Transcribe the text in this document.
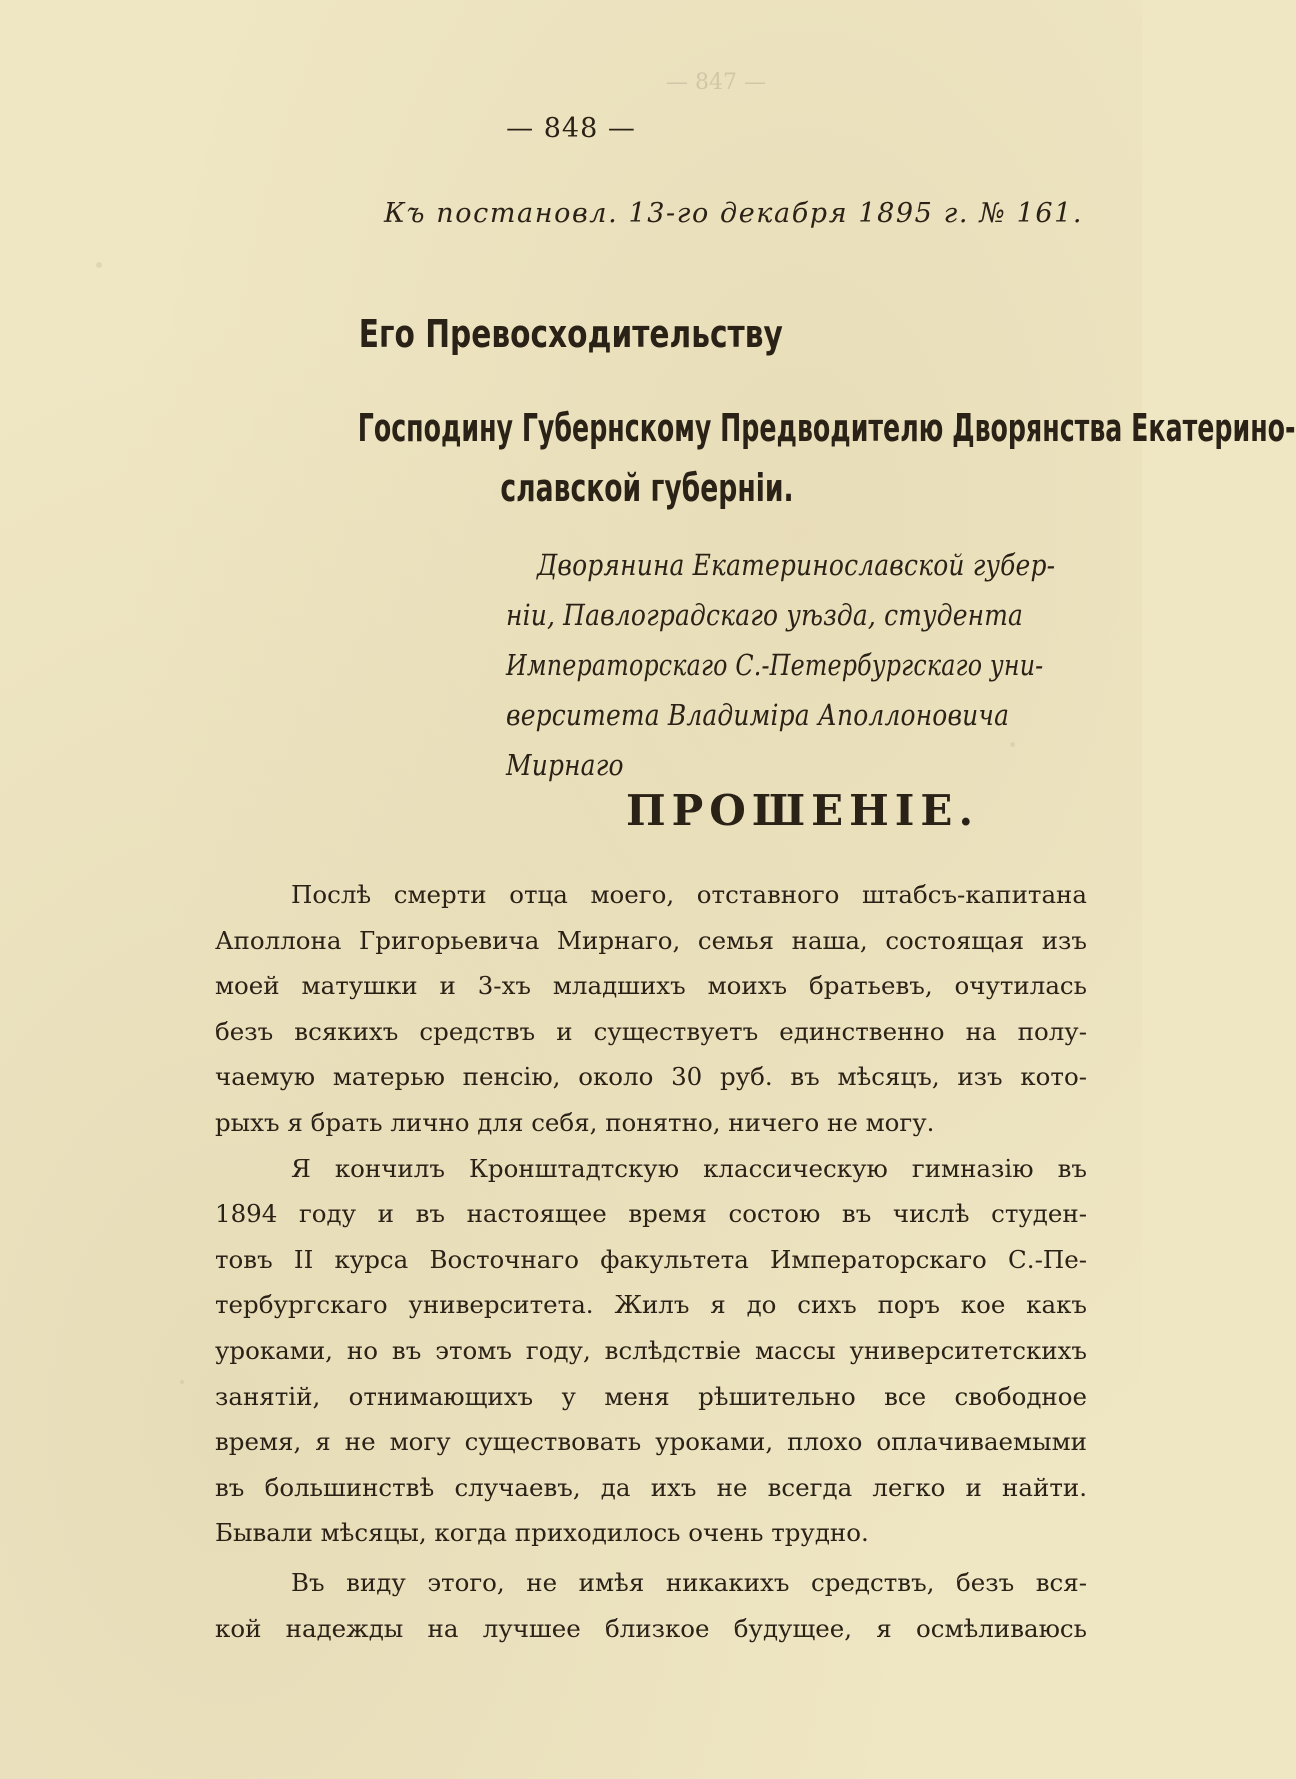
— 847 —
— 848 —
Къ постановл. 13-го декабря 1895 г. № 161.
Его Превосходительству
Господину Губернскому Предводителю Дворянства Екатерино-
славской губерніи.
Дворянина Екатеринославской губер-
ніи, Павлоградскаго уѣзда, студента
Императорскаго С.-Петербургскаго уни-
верситета Владиміра Аполлоновича
Мирнаго
ПРОШЕНІЕ.
Послѣ смерти отца моего, отставного штабсъ-капитана
Аполлона Григорьевича Мирнаго, семья наша, состоящая изъ
моей матушки и 3-хъ младшихъ моихъ братьевъ, очутилась
безъ всякихъ средствъ и существуетъ единственно на полу-
чаемую матерью пенсію, около 30 руб. въ мѣсяцъ, изъ кото-
рыхъ я брать лично для себя, понятно, ничего не могу.
Я кончилъ Кронштадтскую классическую гимназію въ
1894 году и въ настоящее время состою въ числѣ студен-
товъ II курса Восточнаго факультета Императорскаго С.-Пе-
тербургскаго университета. Жилъ я до сихъ поръ кое какъ
уроками, но въ этомъ году, вслѣдствіе массы университетскихъ
занятій, отнимающихъ у меня рѣшительно все свободное
время, я не могу существовать уроками, плохо оплачиваемыми
въ большинствѣ случаевъ, да ихъ не всегда легко и найти.
Бывали мѣсяцы, когда приходилось очень трудно.
Въ виду этого, не имѣя никакихъ средствъ, безъ вся-
кой надежды на лучшее близкое будущее, я осмѣливаюсь
